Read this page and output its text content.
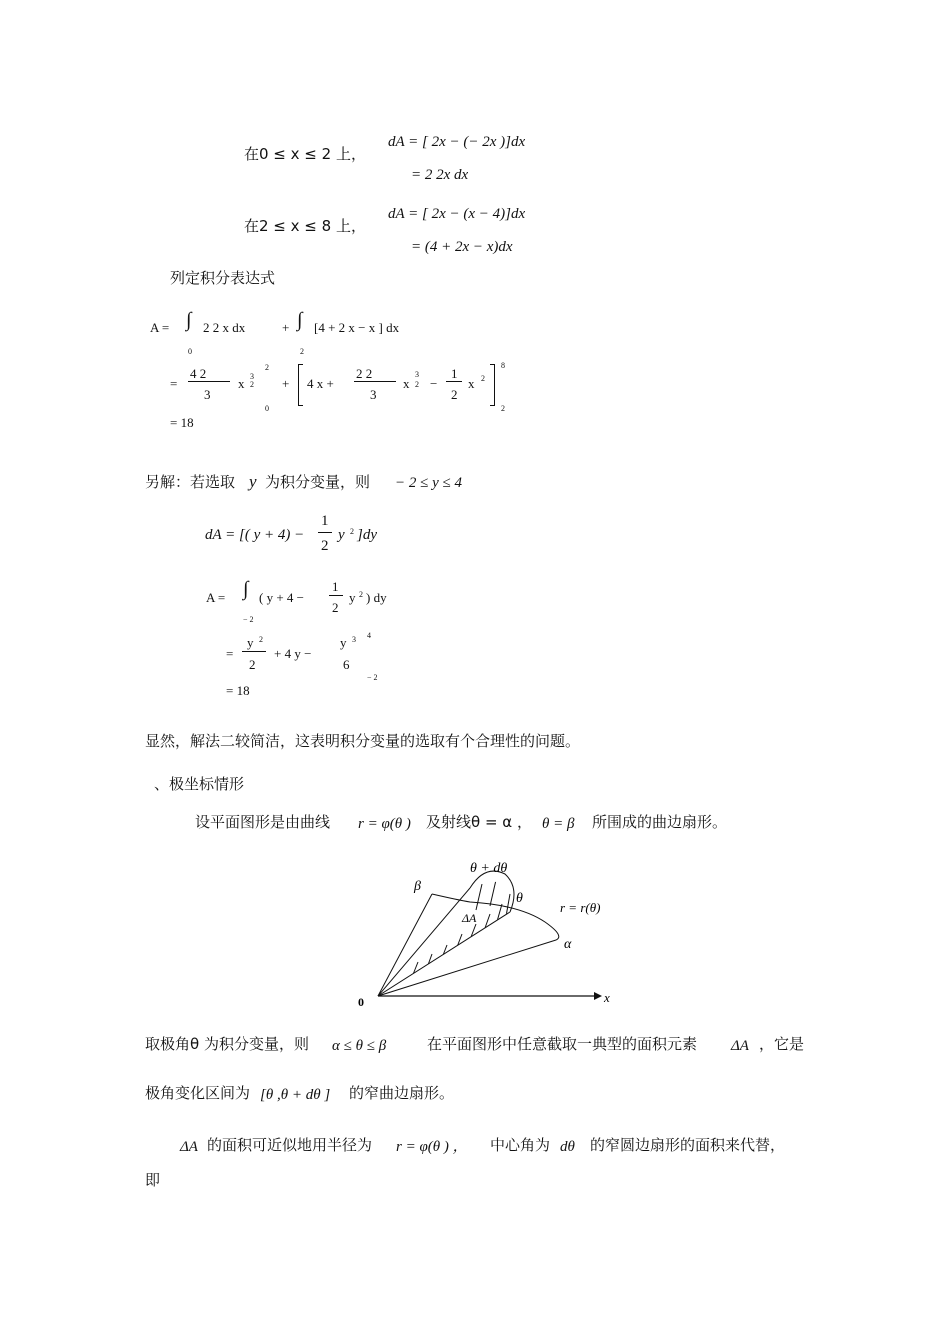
在0 ≤ x ≤ 2 上，
dA = [ 2x − (− 2x )]dx
= 2 2x dx
在2 ≤ x ≤ 8 上，
dA = [ 2x − (x − 4)]dx
= (4 + 2x − x)dx
列定积分表达式
A = ∫ 2 2 x dx	+ ∫ [4 + 2 x − x ] dx
0	2
=
4 2
3
x 3
2
2
0
+ 4 x +
2 2
3
x
3
2 −
1
2
x 2
8
2
= 18
另解：若选取 y 为积分变量，则 − 2 ≤ y ≤ 4
dA = [( y + 4) −
1
2
y 2 ]dy
A = ∫ ( y + 4 −
1
2
y 2 ) dy
− 2
=
y 2
2
+ 4 y −
y 3
6
4
− 2
= 18
显然，解法二较简洁，这表明积分变量的选取有个合理性的问题。
、极坐标情形
设平面图形是由曲线 r = φ(θ ) 及射线θ = α ， θ = β 所围成的曲边扇形。
β
θ + dθ
θ
r = r(θ)
ΔA
α
0	x
取极角θ 为积分变量，则 α ≤ θ ≤ β	在平面图形中任意截取一典型的面积元素 ΔA ，它是
极角变化区间为 [θ ,θ + dθ ] 的窄曲边扇形。
ΔA 的面积可近似地用半径为 r = φ(θ ) ， 中心角为 dθ 的窄圆边扇形的面积来代替，
即
